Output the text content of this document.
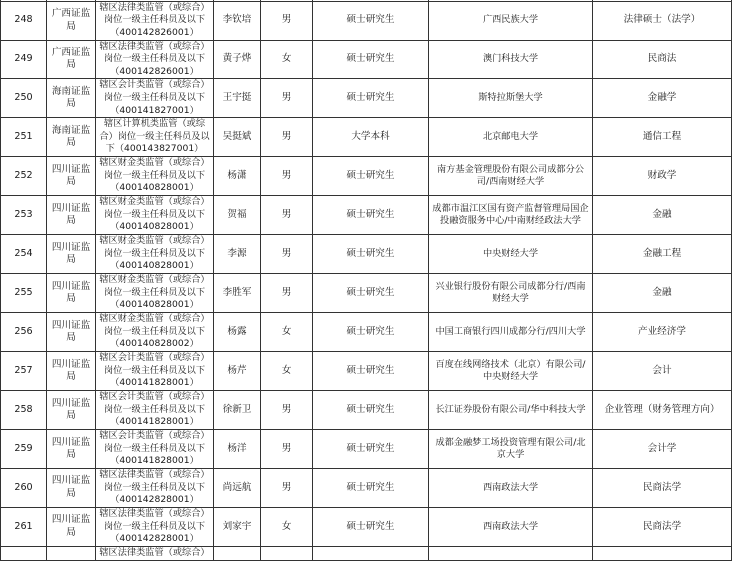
248	广西证监局	辖区法律类监管（或综合）岗位一级主任科员及以下（400142826001）	李钦培	男	硕士研究生	广西民族大学	法律硕士（法学）
249	广西证监局	辖区法律类监管（或综合）岗位一级主任科员及以下（400142826001）	黄子烨	女	硕士研究生	澳门科技大学	民商法
250	海南证监局	辖区会计类监管（或综合）岗位一级主任科员及以下（400141827001）	王宇挺	男	硕士研究生	斯特拉斯堡大学	金融学
251	海南证监局	辖区计算机类监管（或综合）岗位一级主任科员及以下（400143827001）	吴挺斌	男	大学本科	北京邮电大学	通信工程
252	四川证监局	辖区财金类监管（或综合）岗位一级主任科员及以下（400140828001）	杨潇	男	硕士研究生	南方基金管理股份有限公司成都分公司/西南财经大学	财政学
253	四川证监局	辖区财金类监管（或综合）岗位一级主任科员及以下（400140828001）	贺福	男	硕士研究生	成都市温江区国有资产监督管理局国企投融资服务中心/中南财经政法大学	金融
254	四川证监局	辖区财金类监管（或综合）岗位一级主任科员及以下（400140828001）	李源	男	硕士研究生	中央财经大学	金融工程
255	四川证监局	辖区财金类监管（或综合）岗位一级主任科员及以下（400140828001）	李胜军	男	硕士研究生	兴业银行股份有限公司成都分行/西南财经大学	金融
256	四川证监局	辖区财金类监管（或综合）岗位一级主任科员及以下（400140828002）	杨露	女	硕士研究生	中国工商银行四川成都分行/四川大学	产业经济学
257	四川证监局	辖区会计类监管（或综合）岗位一级主任科员及以下（400141828001）	杨芹	女	硕士研究生	百度在线网络技术（北京）有限公司/中央财经大学	会计
258	四川证监局	辖区会计类监管（或综合）岗位一级主任科员及以下（400141828001）	徐新卫	男	硕士研究生	长江证券股份有限公司/华中科技大学	企业管理（财务管理方向）
259	四川证监局	辖区会计类监管（或综合）岗位一级主任科员及以下（400141828001）	杨洋	男	硕士研究生	成都金融梦工场投资管理有限公司/北京大学	会计学
260	四川证监局	辖区法律类监管（或综合）岗位一级主任科员及以下（400142828001）	尚远航	男	硕士研究生	西南政法大学	民商法学
261	四川证监局	辖区法律类监管（或综合）岗位一级主任科员及以下（400142828001）	刘家宇	女	硕士研究生	西南政法大学	民商法学
		辖区法律类监管（或综合）					
